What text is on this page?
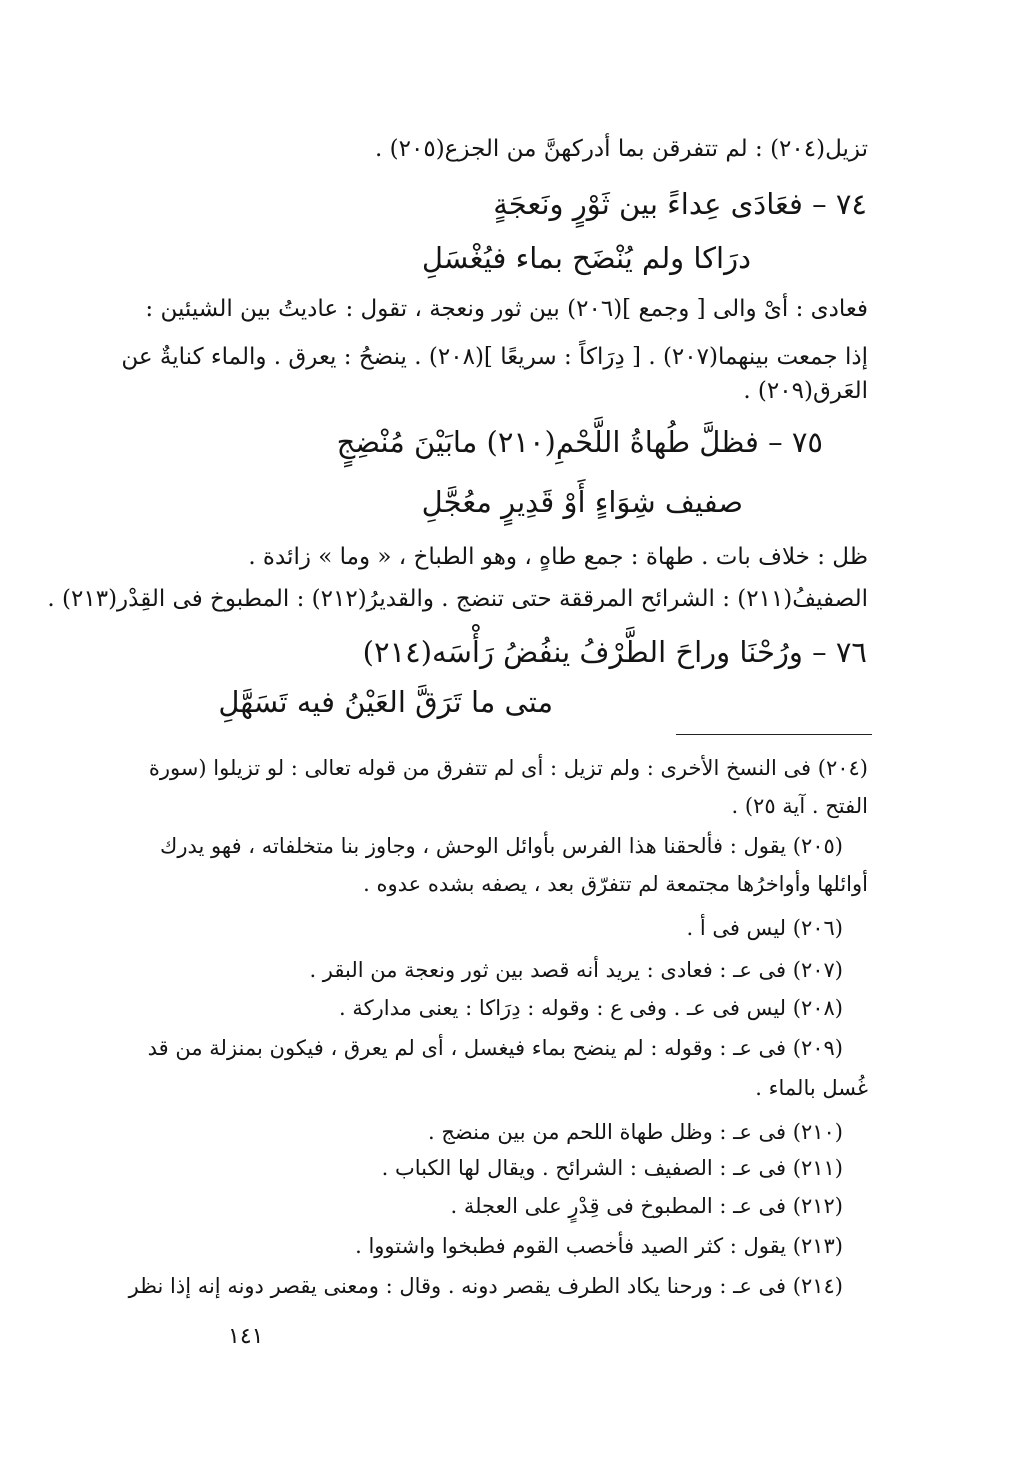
تزيل(٢٠٤) : لم تتفرقن بما أدركهنَّ من الجزع(٢٠٥) .
٧٤ – فعَادَى عِداءً بين ثَوْرٍ ونَعجَةٍ
درَاكا ولم يُنْضَح بماء فيُغْسَلِ
فعادى : أىْ والى [ وجمع ](٢٠٦) بين ثور ونعجة ، تقول : عاديتُ بين الشيئين :
إذا جمعت بينهما(٢٠٧) . [ دِرَاكاً : سريعًا ](٢٠٨) . ينضحُ : يعرق . والماء كنايةٌ عن
العَرق(٢٠٩) .
٧٥ – فظلَّ طُهاةُ اللَّحْمِ(٢١٠) مابَيْنَ مُنْضِجٍ
صفيف شِوَاءٍ أَوْ قَدِيرٍ معُجَّلِ
ظل : خلاف بات . طهاة : جمع طاهٍ ، وهو الطباخ ، « وما » زائدة .
الصفيفُ(٢١١) : الشرائح المرققة حتى تنضج . والقديرُ(٢١٢) : المطبوخ فى القِدْر(٢١٣) .
٧٦ – ورُحْنَا وراحَ الطَّرْفُ ينفُضُ رَأْسَه(٢١٤)
متى ما تَرَقَّ العَيْنُ فيه تَسَهَّلِ
(٢٠٤) فى النسخ الأخرى : ولم تزيل : أى لم تتفرق من قوله تعالى : لو تزيلوا (سورة
الفتح . آية ٢٥) .
(٢٠٥) يقول : فألحقنا هذا الفرس بأوائل الوحش ، وجاوز بنا متخلفاته ، فهو يدرك
أوائلها وأواخرُها مجتمعة لم تتفرّق بعد ، يصفه بشده عدوه .
(٢٠٦) ليس فى أ .
(٢٠٧) فى عـ : فعادى : يريد أنه قصد بين ثور ونعجة من البقر .
(٢٠٨) ليس فى عـ . وفى ع : وقوله : دِرَاكا : يعنى مداركة .
(٢٠٩) فى عـ : وقوله : لم ينضح بماء فيغسل ، أى لم يعرق ، فيكون بمنزلة من قد
غُسل بالماء .
(٢١٠) فى عـ : وظل طهاة اللحم من بين منضج .
(٢١١) فى عـ : الصفيف : الشرائح . ويقال لها الكباب .
(٢١٢) فى عـ : المطبوخ فى قِدْرٍ على العجلة .
(٢١٣) يقول : كثر الصيد فأخصب القوم فطبخوا واشتووا .
(٢١٤) فى عـ : ورحنا يكاد الطرف يقصر دونه . وقال : ومعنى يقصر دونه إنه إذا نظر
١٤١
